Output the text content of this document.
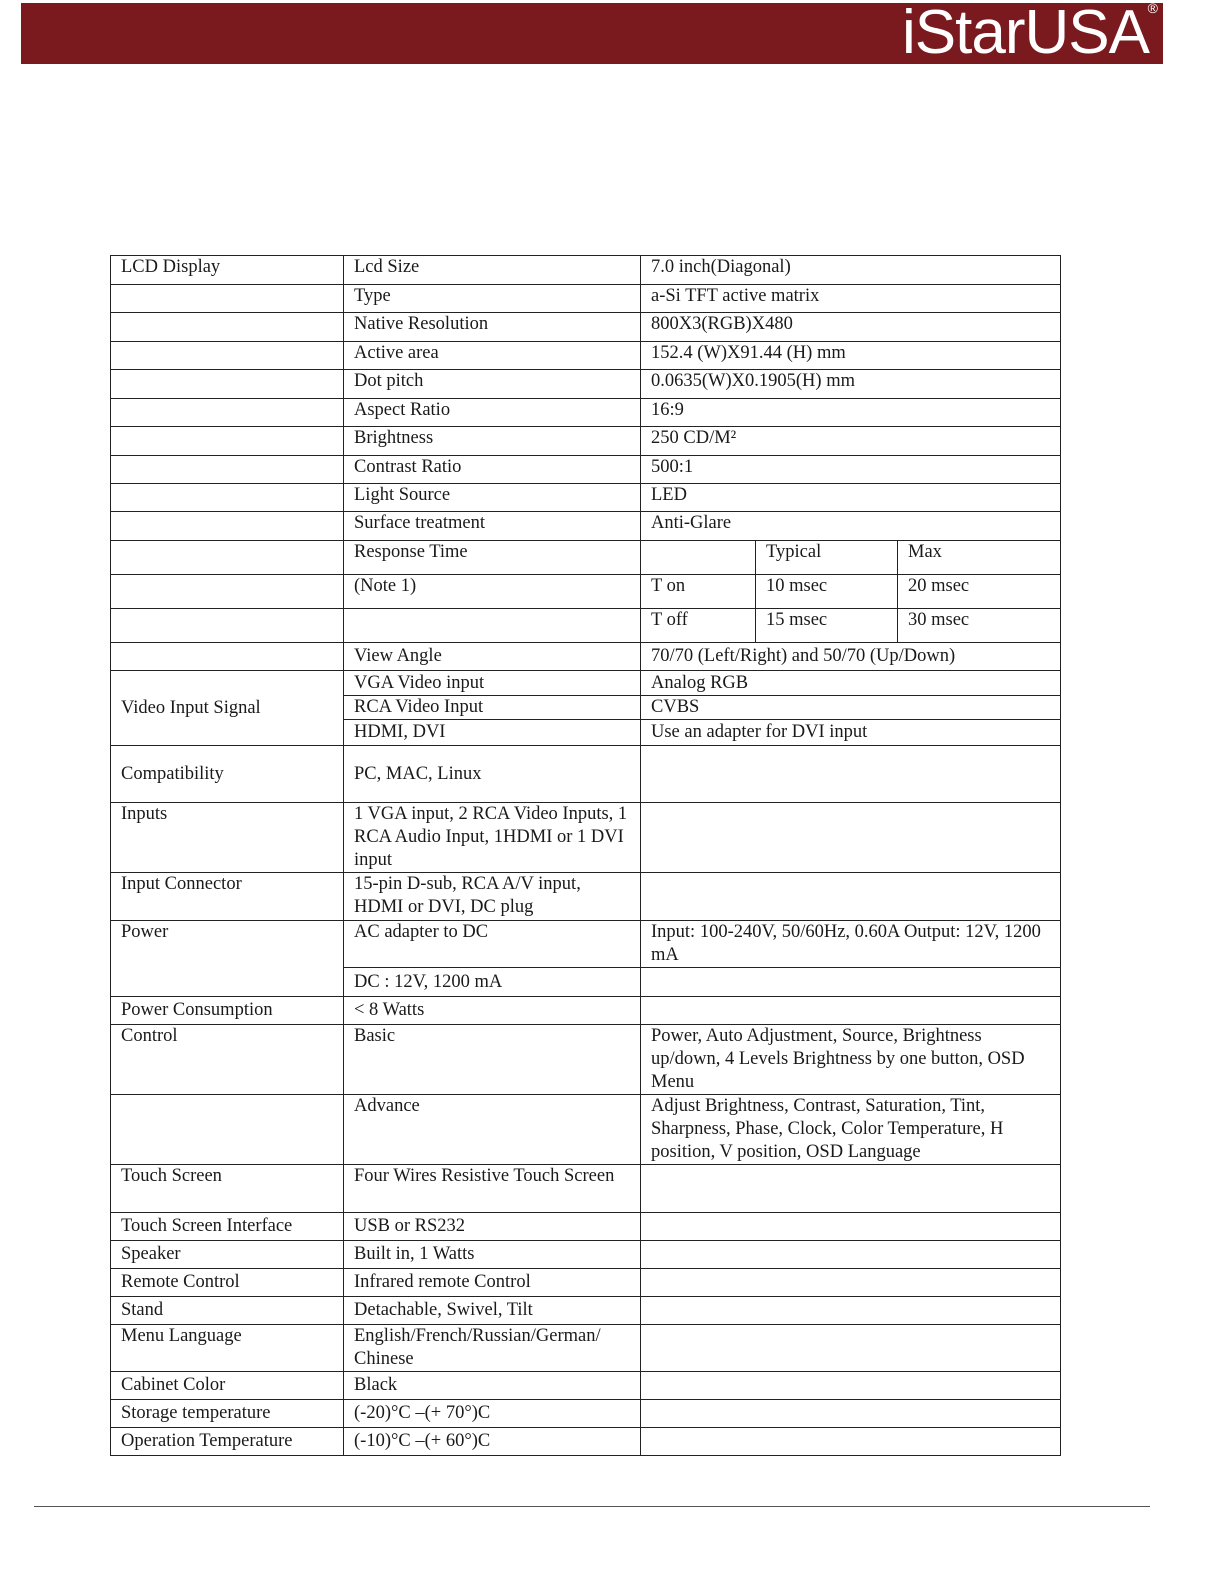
iStarUSA
®
LCD Display	Lcd Size	7.0 inch(Diagonal)		
	Type	a-Si TFT active matrix		
	Native Resolution	800X3(RGB)X480		
	Active area	152.4 (W)X91.44 (H) mm		
	Dot pitch	0.0635(W)X0.1905(H) mm		
	Aspect Ratio	16:9		
	Brightness	250 CD/M²		
	Contrast Ratio	500:1		
	Light Source	LED		
	Surface treatment	Anti-Glare		
	Response Time		Typical	Max
	(Note 1)	T on	10 msec	20 msec
		T off	15 msec	30 msec
	View Angle	70/70 (Left/Right) and 50/70 (Up/Down)		
Video Input Signal	VGA Video input	Analog RGB		
	RCA Video Input	CVBS		
	HDMI, DVI	Use an adapter for DVI input		
Compatibility	PC, MAC, Linux			
Inputs	1 VGA input, 2 RCA Video Inputs, 1 RCA Audio Input, 1HDMI or 1 DVI input			
Input Connector	15-pin D-sub, RCA A/V input, HDMI or DVI, DC plug			
Power	AC adapter to DC	Input: 100-240V, 50/60Hz, 0.60A Output: 12V, 1200 mA		
	DC : 12V, 1200 mA			
Power Consumption	< 8 Watts			
Control	Basic	Power, Auto Adjustment, Source, Brightness up/down, 4 Levels Brightness by one button, OSD Menu		
	Advance	Adjust Brightness, Contrast, Saturation, Tint, Sharpness, Phase, Clock, Color Temperature, H position, V position, OSD Language		
Touch Screen	Four Wires Resistive Touch Screen			
Touch Screen Interface	USB or RS232			
Speaker	Built in, 1 Watts			
Remote Control	Infrared remote Control			
Stand	Detachable, Swivel, Tilt			
Menu Language	English/French/Russian/German/ Chinese			
Cabinet Color	Black			
Storage temperature	(-20)°C –(+ 70°)C			
Operation Temperature	(-10)°C –(+ 60°)C			
